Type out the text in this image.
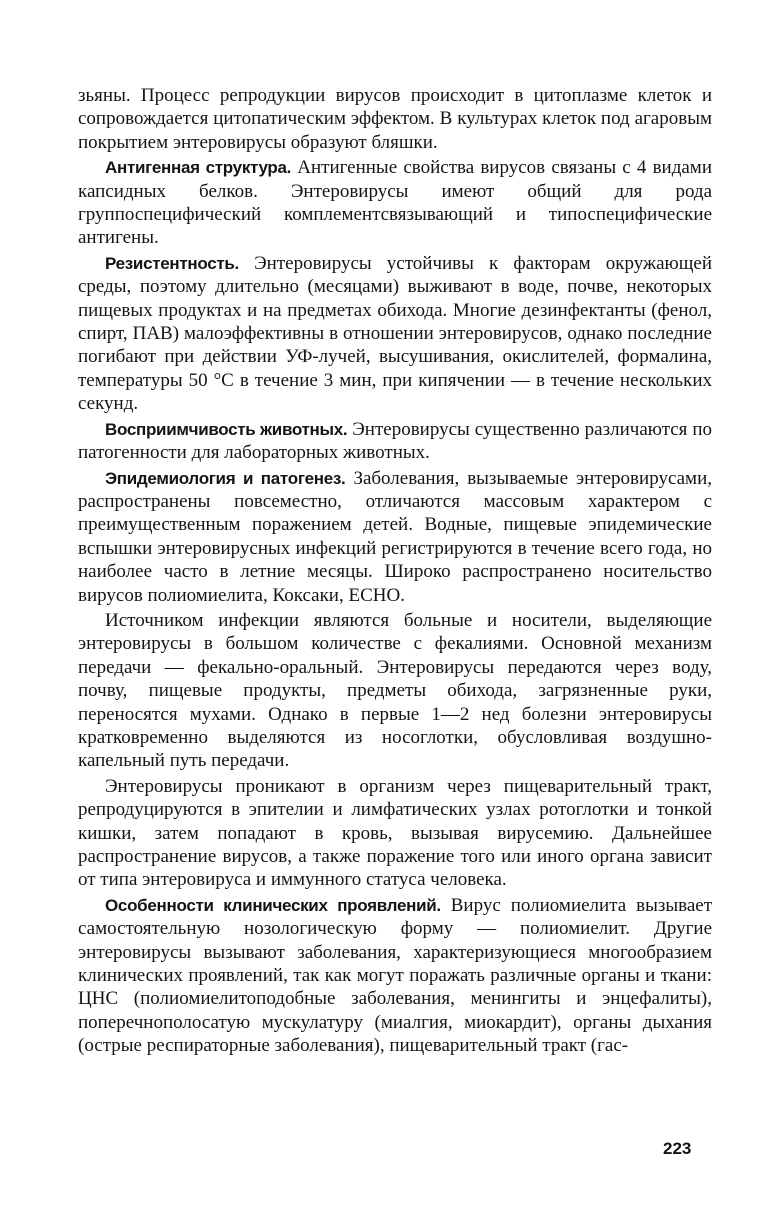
зьяны. Процесс репродукции вирусов происходит в цитоплазме клеток и сопровождается цитопатическим эффектом. В культурах клеток под агаровым покрытием энтеровирусы образуют бляшки.

Антигенная структура. Антигенные свойства вирусов связаны с 4 видами капсидных белков. Энтеровирусы имеют общий для рода группоспецифический комплементсвязывающий и типоспецифические антигены.

Резистентность. Энтеровирусы устойчивы к факторам окружающей среды, поэтому длительно (месяцами) выживают в воде, почве, некоторых пищевых продуктах и на предметах обихода. Многие дезинфектанты (фенол, спирт, ПАВ) малоэффективны в отношении энтеровирусов, однако последние погибают при действии УФ-лучей, высушивания, окислителей, формалина, температуры 50 °С в течение 3 мин, при кипячении — в течение нескольких секунд.

Восприимчивость животных. Энтеровирусы существенно различаются по патогенности для лабораторных животных.

Эпидемиология и патогенез. Заболевания, вызываемые энтеровирусами, распространены повсеместно, отличаются массовым характером с преимущественным поражением детей. Водные, пищевые эпидемические вспышки энтеровирусных инфекций регистрируются в течение всего года, но наиболее часто в летние месяцы. Широко распространено носительство вирусов полиомиелита, Коксаки, ЕСНО.

Источником инфекции являются больные и носители, выделяющие энтеровирусы в большом количестве с фекалиями. Основной механизм передачи — фекально-оральный. Энтеровирусы передаются через воду, почву, пищевые продукты, предметы обихода, загрязненные руки, переносятся мухами. Однако в первые 1—2 нед болезни энтеровирусы кратковременно выделяются из носоглотки, обусловливая воздушно-капельный путь передачи.

Энтеровирусы проникают в организм через пищеварительный тракт, репродуцируются в эпителии и лимфатических узлах ротоглотки и тонкой кишки, затем попадают в кровь, вызывая вирусемию. Дальнейшее распространение вирусов, а также поражение того или иного органа зависит от типа энтеровируса и иммунного статуса человека.

Особенности клинических проявлений. Вирус полиомиелита вызывает самостоятельную нозологическую форму — полиомиелит. Другие энтеровирусы вызывают заболевания, характеризующиеся многообразием клинических проявлений, так как могут поражать различные органы и ткани: ЦНС (полиомиелитоподобные заболевания, менингиты и энцефалиты), поперечнополосатую мускулатуру (миалгия, миокардит), органы дыхания (острые респираторные заболевания), пищеварительный тракт (гас-

223
